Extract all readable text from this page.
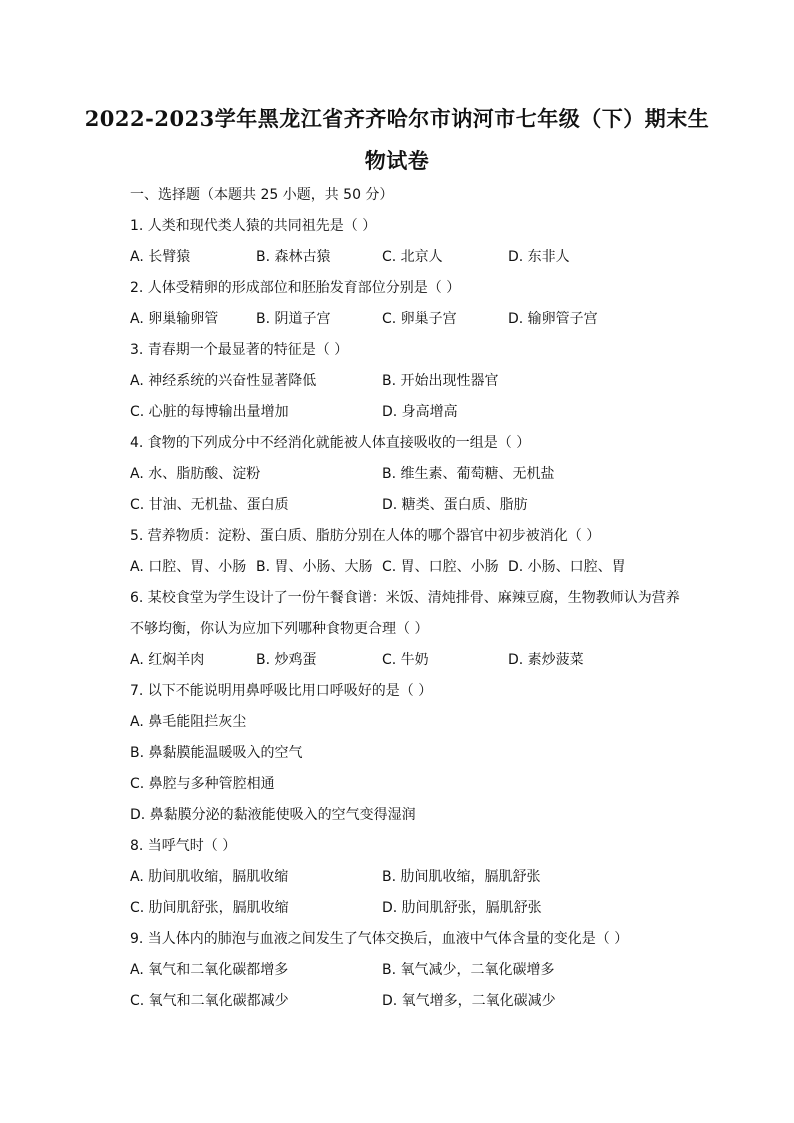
2022-2023学年黑龙江省齐齐哈尔市讷河市七年级（下）期末生
物试卷
一、选择题（本题共 25 小题，共 50 分）
1. 人类和现代类人猿的共同祖先是（ ）
A. 长臂猿	B. 森林古猿	C. 北京人	D. 东非人
2. 人体受精卵的形成部位和胚胎发育部位分别是（ ）
A. 卵巢输卵管	B. 阴道子宫	C. 卵巢子宫	D. 输卵管子宫
3. 青春期一个最显著的特征是（ ）
A. 神经系统的兴奋性显著降低	B. 开始出现性器官
C. 心脏的每博输出量增加	D. 身高增高
4. 食物的下列成分中不经消化就能被人体直接吸收的一组是（ ）
A. 水、脂肪酸、淀粉	B. 维生素、葡萄糖、无机盐
C. 甘油、无机盐、蛋白质	D. 糖类、蛋白质、脂肪
5. 营养物质：淀粉、蛋白质、脂肪分别在人体的哪个器官中初步被消化（ ）
A. 口腔、胃、小肠 B. 胃、小肠、大肠 C. 胃、口腔、小肠 D. 小肠、口腔、胃
6. 某校食堂为学生设计了一份午餐食谱：米饭、清炖排骨、麻辣豆腐，生物教师认为营养
不够均衡，你认为应加下列哪种食物更合理（ ）
A. 红焖羊肉	B. 炒鸡蛋	C. 牛奶	D. 素炒菠菜
7. 以下不能说明用鼻呼吸比用口呼吸好的是（ ）
A. 鼻毛能阻拦灰尘
B. 鼻黏膜能温暖吸入的空气
C. 鼻腔与多种管腔相通
D. 鼻黏膜分泌的黏液能使吸入的空气变得湿润
8. 当呼气时（ ）
A. 肋间肌收缩，膈肌收缩	B. 肋间肌收缩，膈肌舒张
C. 肋间肌舒张，膈肌收缩	D. 肋间肌舒张，膈肌舒张
9. 当人体内的肺泡与血液之间发生了气体交换后，血液中气体含量的变化是（ ）
A. 氧气和二氧化碳都增多	B. 氧气减少，二氧化碳增多
C. 氧气和二氧化碳都减少	D. 氧气增多，二氧化碳减少
